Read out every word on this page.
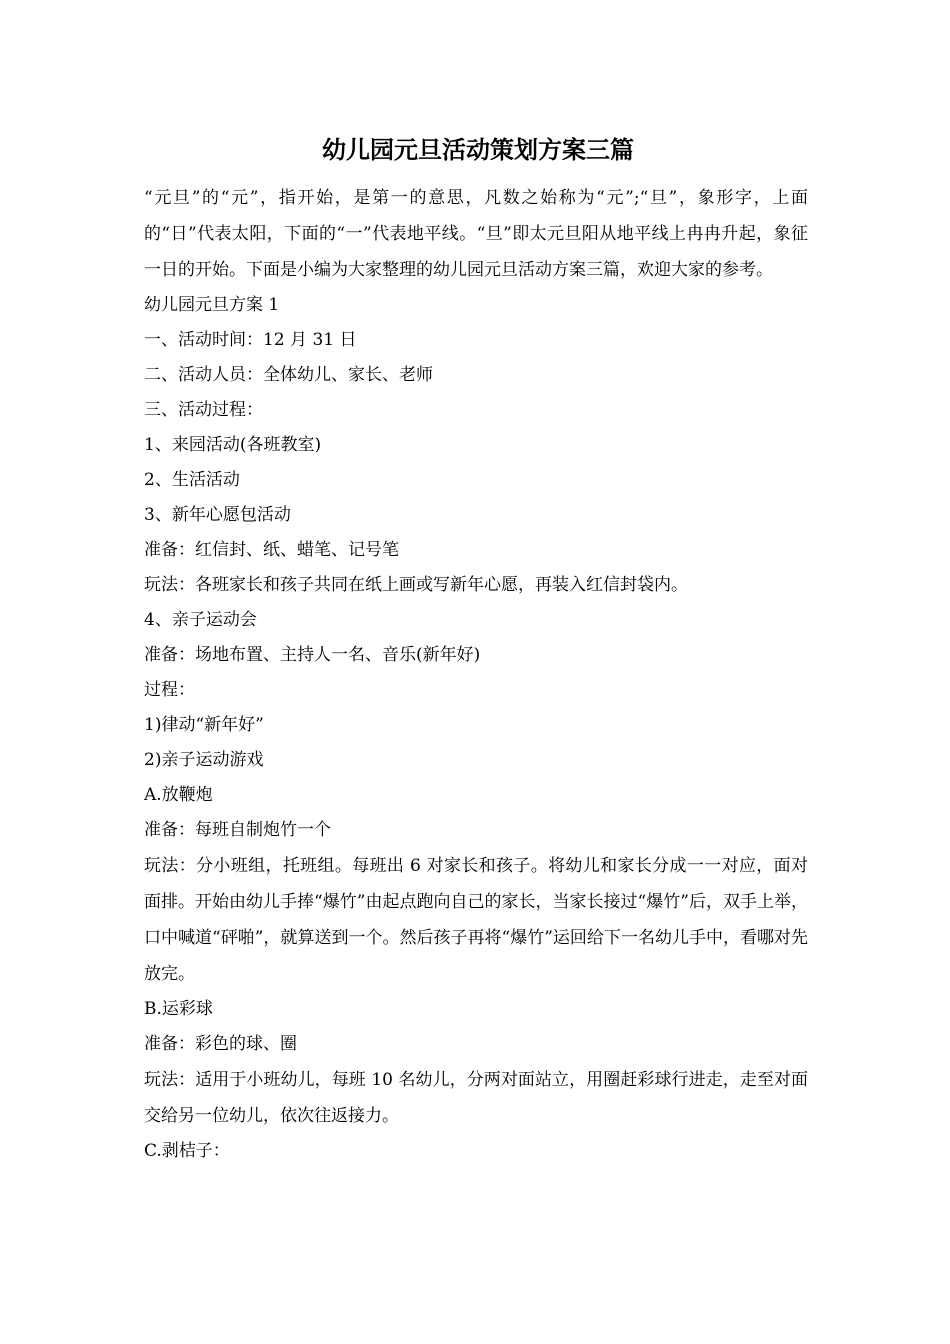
幼儿园元旦活动策划方案三篇

“元旦”的“元”，指开始，是第一的意思，凡数之始称为“元”;“旦”，象形字，上面的“日”代表太阳，下面的“一”代表地平线。“旦”即太元旦阳从地平线上冉冉升起，象征一日的开始。下面是小编为大家整理的幼儿园元旦活动方案三篇，欢迎大家的参考。

幼儿园元旦方案 1
一、活动时间：12 月 31 日
二、活动人员：全体幼儿、家长、老师
三、活动过程：
1、来园活动(各班教室)
2、生活活动
3、新年心愿包活动
准备：红信封、纸、蜡笔、记号笔
玩法：各班家长和孩子共同在纸上画或写新年心愿，再装入红信封袋内。
4、亲子运动会
准备：场地布置、主持人一名、音乐(新年好)
过程：
1)律动“新年好”
2)亲子运动游戏
A.放鞭炮
准备：每班自制炮竹一个

玩法：分小班组，托班组。每班出 6 对家长和孩子。将幼儿和家长分成一一对应，面对面排。开始由幼儿手捧“爆竹”由起点跑向自己的家长，当家长接过“爆竹”后，双手上举，口中喊道“砰啪”，就算送到一个。然后孩子再将“爆竹”运回给下一名幼儿手中，看哪对先放完。

B.运彩球
准备：彩色的球、圈

玩法：适用于小班幼儿，每班 10 名幼儿，分两对面站立，用圈赶彩球行进走，走至对面交给另一位幼儿，依次往返接力。

C.剥桔子：
